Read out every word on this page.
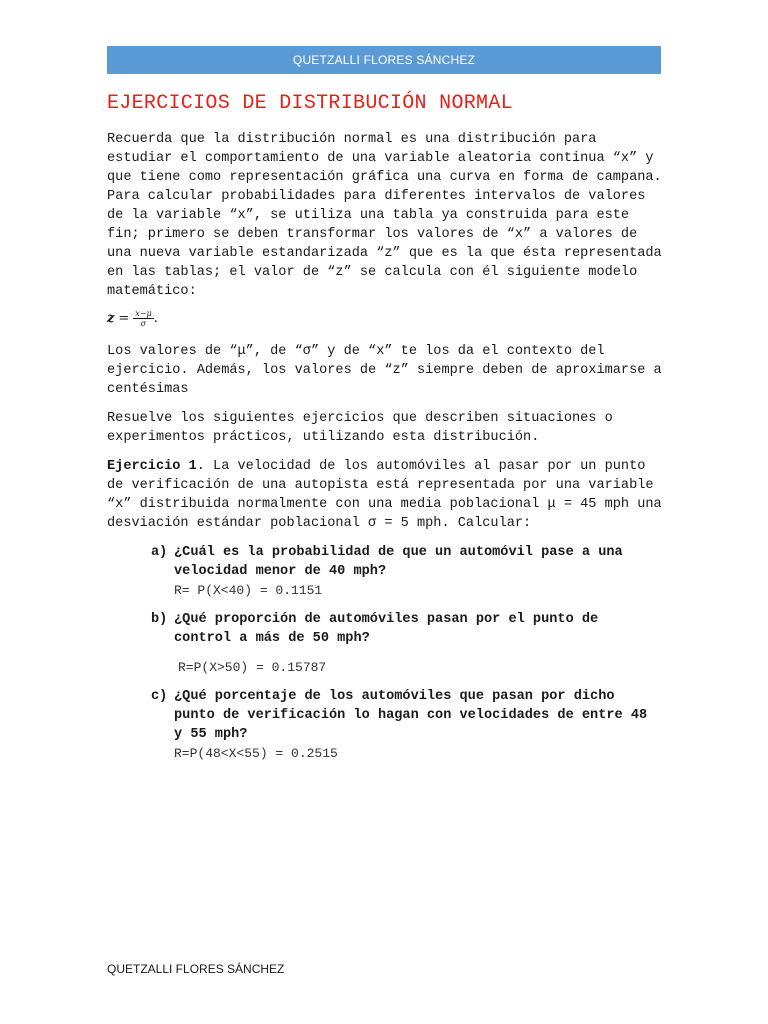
QUETZALLI FLORES SÁNCHEZ
EJERCICIOS DE DISTRIBUCIÓN NORMAL

Recuerda que la distribución normal es una distribución para estudiar el comportamiento de una variable aleatoria continua “x” y que tiene como representación gráfica una curva en forma de campana. Para calcular probabilidades para diferentes intervalos de valores de la variable “x”, se utiliza una tabla ya construida para este fin; primero se deben transformar los valores de “x” a valores de una nueva variable estandarizada “z” que es la que ésta representada en las tablas; el valor de “z” se calcula con él siguiente modelo matemático:

$z = \frac{x-\mu}{\sigma}$ .

Los valores de “μ”, de “σ” y de “x” te los da el contexto del ejercicio. Además, los valores de “z” siempre deben de aproximarse a centésimas

Resuelve los siguientes ejercicios que describen situaciones o experimentos prácticos, utilizando esta distribución.

Ejercicio 1. La velocidad de los automóviles al pasar por un punto de verificación de una autopista está representada por una variable “x” distribuida normalmente con una media poblacional μ = 45 mph una desviación estándar poblacional σ = 5 mph. Calcular:

a) ¿Cuál es la probabilidad de que un automóvil pase a una velocidad menor de 40 mph?
R= P(X<40) = 0.1151
b) ¿Qué proporción de automóviles pasan por el punto de control a más de 50 mph?
R=P(X>50) = 0.15787
c) ¿Qué porcentaje de los automóviles que pasan por dicho punto de verificación lo hagan con velocidades de entre 48 y 55 mph?
R=P(48<X<55) = 0.2515
QUETZALLI FLORES SÁNCHEZ
